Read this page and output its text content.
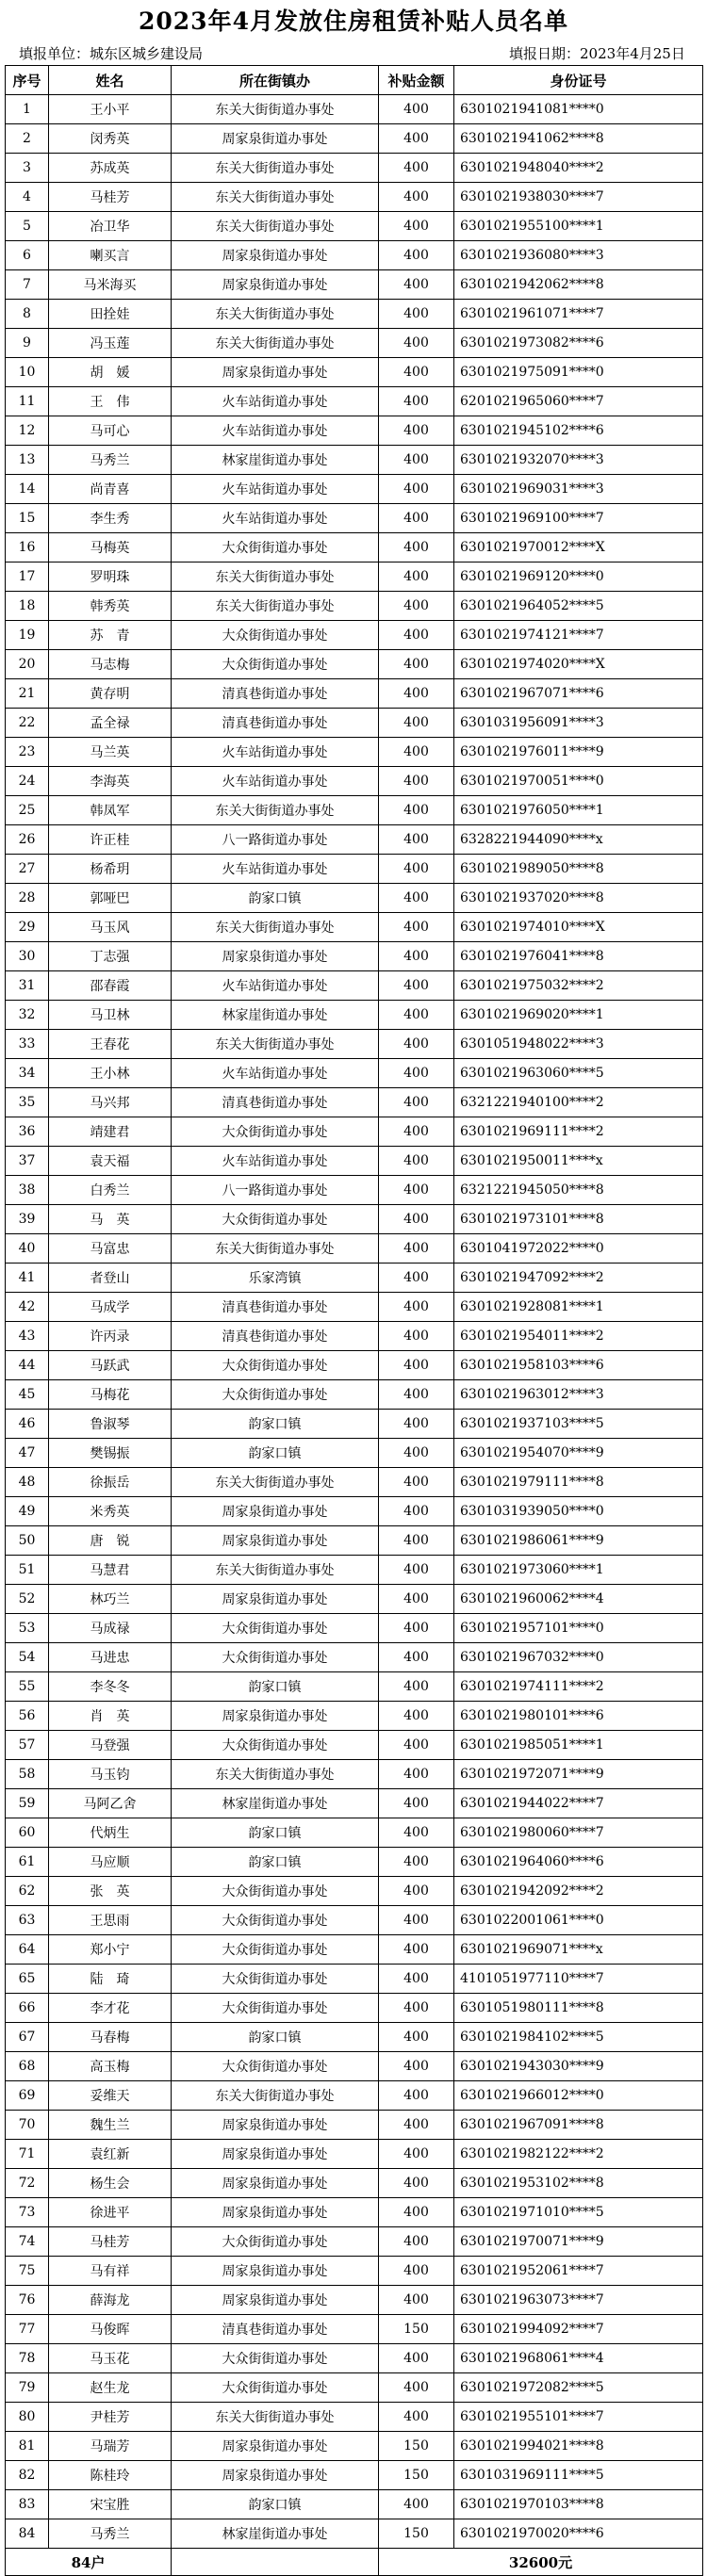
2023年4月发放住房租赁补贴人员名单
填报单位：城东区城乡建设局	填报日期：2023年4月25日
序号	姓名	所在街镇办	补贴金额	身份证号
1	王小平	东关大街街道办事处	400	630102194108​1****0
2	闵秀英	周家泉街道办事处	400	6301021941062****8
3	苏成英	东关大街街道办事处	400	6301021948040****2
4	马桂芳	东关大街街道办事处	400	6301021938030****7
5	冶卫华	东关大街街道办事处	400	6301021955100****1
6	喇买言	周家泉街道办事处	400	6301021936080****3
7	马米海买	周家泉街道办事处	400	6301021942062****8
8	田拴娃	东关大街街道办事处	400	6301021961071****7
9	冯玉莲	东关大街街道办事处	400	6301021973082****6
10	胡　媛	周家泉街道办事处	400	6301021975091****0
11	王　伟	火车站街道办事处	400	6201021965060****7
12	马可心	火车站街道办事处	400	6301021945102****6
13	马秀兰	林家崖街道办事处	400	6301021932070****3
14	尚青喜	火车站街道办事处	400	6301021969031****3
15	李生秀	火车站街道办事处	400	6301021969100****7
16	马梅英	大众街街道办事处	400	6301021970012****X
17	罗明珠	东关大街街道办事处	400	6301021969120****0
18	韩秀英	东关大街街道办事处	400	6301021964052****5
19	苏　青	大众街街道办事处	400	6301021974121****7
20	马志梅	大众街街道办事处	400	6301021974020****X
21	黄存明	清真巷街道办事处	400	6301021967071****6
22	孟全禄	清真巷街道办事处	400	6301031956091****3
23	马兰英	火车站街道办事处	400	6301021976011****9
24	李海英	火车站街道办事处	400	6301021970051****0
25	韩凤军	东关大街街道办事处	400	6301021976050****1
26	许正桂	八一路街道办事处	400	6328221944090****x
27	杨希玥	火车站街道办事处	400	6301021989050****8
28	郭哑巴	韵家口镇	400	6301021937020****8
29	马玉风	东关大街街道办事处	400	6301021974010****X
30	丁志强	周家泉街道办事处	400	6301021976041****8
31	邵春霞	火车站街道办事处	400	6301021975032****2
32	马卫林	林家崖街道办事处	400	6301021969020****1
33	王春花	东关大街街道办事处	400	6301051948022****3
34	王小林	火车站街道办事处	400	6301021963060****5
35	马兴邦	清真巷街道办事处	400	6321221940100****2
36	靖建君	大众街街道办事处	400	6301021969111****2
37	袁天福	火车站街道办事处	400	6301021950011****x
38	白秀兰	八一路街道办事处	400	6321221945050****8
39	马　英	大众街街道办事处	400	6301021973101****8
40	马富忠	东关大街街道办事处	400	6301041972022****0
41	者登山	乐家湾镇	400	6301021947092****2
42	马成学	清真巷街道办事处	400	6301021928081****1
43	许丙录	清真巷街道办事处	400	6301021954011****2
44	马跃武	大众街街道办事处	400	6301021958103****6
45	马梅花	大众街街道办事处	400	6301021963012****3
46	鲁淑琴	韵家口镇	400	6301021937103****5
47	樊锡振	韵家口镇	400	6301021954070****9
48	徐振岳	东关大街街道办事处	400	6301021979111****8
49	米秀英	周家泉街道办事处	400	6301031939050****0
50	唐　锐	周家泉街道办事处	400	6301021986061****9
51	马慧君	东关大街街道办事处	400	6301021973060****1
52	林巧兰	周家泉街道办事处	400	6301021960062****4
53	马成禄	大众街街道办事处	400	6301021957101****0
54	马进忠	大众街街道办事处	400	6301021967032****0
55	李冬冬	韵家口镇	400	6301021974111****2
56	肖　英	周家泉街道办事处	400	6301021980101****6
57	马登强	大众街街道办事处	400	6301021985051****1
58	马玉钧	东关大街街道办事处	400	6301021972071****9
59	马阿乙舍	林家崖街道办事处	400	6301021944022****7
60	代炳生	韵家口镇	400	6301021980060****7
61	马应顺	韵家口镇	400	6301021964060****6
62	张　英	大众街街道办事处	400	6301021942092****2
63	王思雨	大众街街道办事处	400	6301022001061****0
64	郑小宁	大众街街道办事处	400	6301021969071****x
65	陆　琦	大众街街道办事处	400	4101051977110****7
66	李才花	大众街街道办事处	400	6301051980111****8
67	马春梅	韵家口镇	400	6301021984102****5
68	高玉梅	大众街街道办事处	400	6301021943030****9
69	妥维天	东关大街街道办事处	400	6301021966012****0
70	魏生兰	周家泉街道办事处	400	6301021967091****8
71	袁红新	周家泉街道办事处	400	6301021982122****2
72	杨生会	周家泉街道办事处	400	6301021953102****8
73	徐进平	周家泉街道办事处	400	6301021971010****5
74	马桂芳	大众街街道办事处	400	6301021970071****9
75	马有祥	周家泉街道办事处	400	6301021952061****7
76	薛海龙	周家泉街道办事处	400	6301021963073****7
77	马俊晖	清真巷街道办事处	150	6301021994092****7
78	马玉花	大众街街道办事处	400	6301021968061****4
79	赵生龙	大众街街道办事处	400	6301021972082****5
80	尹桂芳	东关大街街道办事处	400	6301021955101****7
81	马瑞芳	周家泉街道办事处	150	6301021994021****8
82	陈桂玲	周家泉街道办事处	150	6301031969111****5
83	宋宝胜	韵家口镇	400	6301021970103****8
84	马秀兰	林家崖街道办事处	150	6301021970020****6
84户			32600元	
